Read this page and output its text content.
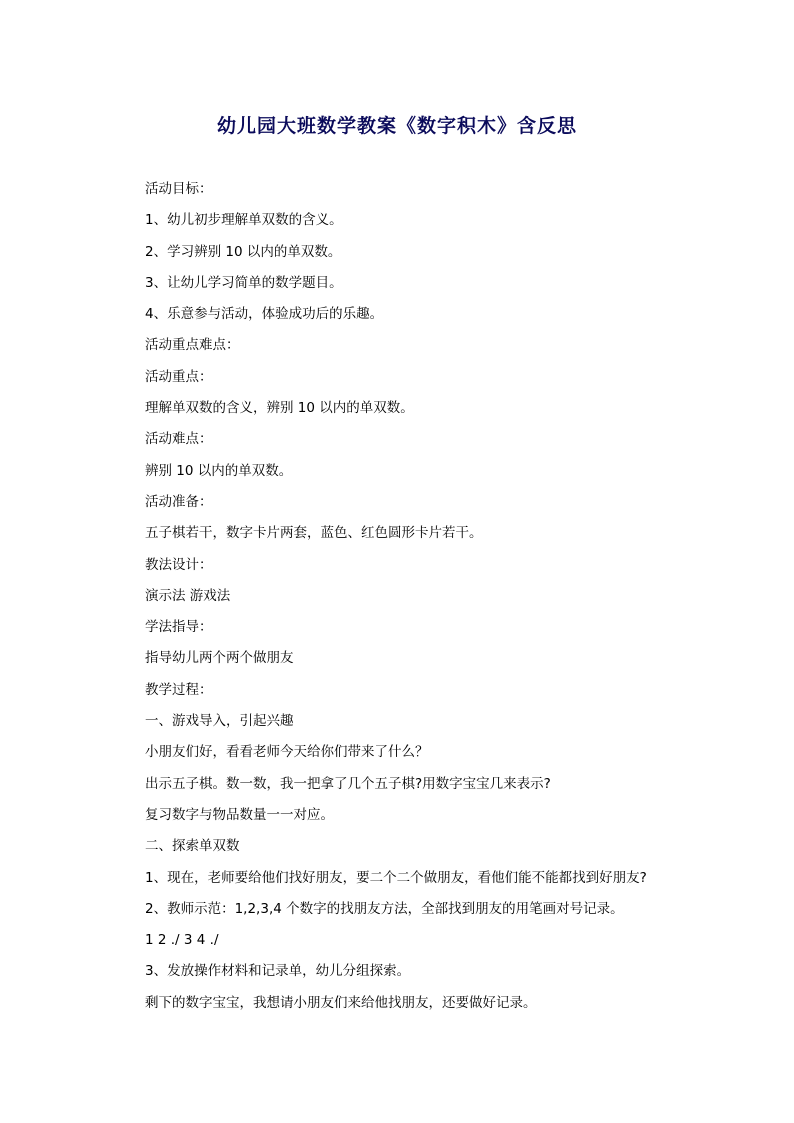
幼儿园大班数学教案《数字积木》含反思
活动目标：
1、幼儿初步理解单双数的含义。
2、学习辨别 10 以内的单双数。
3、让幼儿学习简单的数学题目。
4、乐意参与活动，体验成功后的乐趣。
活动重点难点：
活动重点：
理解单双数的含义，辨别 10 以内的单双数。
活动难点：
辨别 10 以内的单双数。
活动准备：
五子棋若干，数字卡片两套，蓝色、红色圆形卡片若干。
教法设计：
演示法 游戏法
学法指导：
指导幼儿两个两个做朋友
教学过程：
一、游戏导入，引起兴趣
小朋友们好，看看老师今天给你们带来了什么？
出示五子棋。数一数，我一把拿了几个五子棋?用数字宝宝几来表示?
复习数字与物品数量一一对应。
二、探索单双数
1、现在，老师要给他们找好朋友，要二个二个做朋友，看他们能不能都找到好朋友?
2、教师示范：1,2,3,4 个数字的找朋友方法，全部找到朋友的用笔画对号记录。
1 2 ./ 3 4 ./
3、发放操作材料和记录单，幼儿分组探索。
剩下的数字宝宝，我想请小朋友们来给他找朋友，还要做好记录。
